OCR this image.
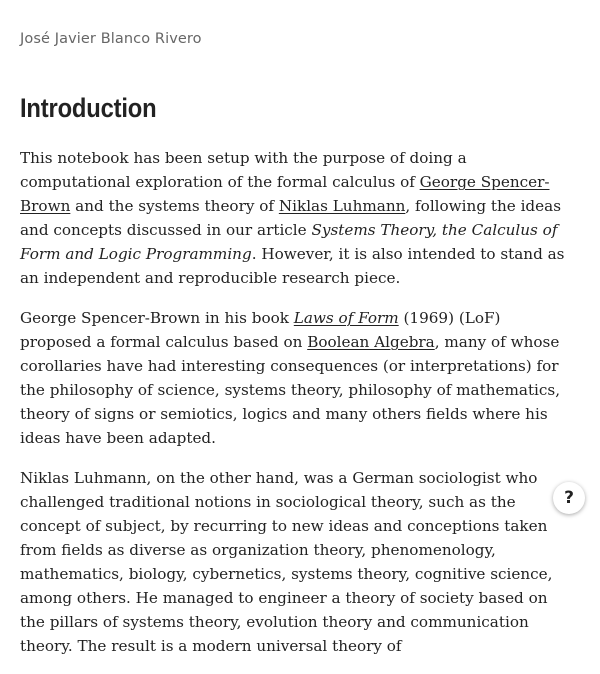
José Javier Blanco Rivero
Introduction

This notebook has been setup with the purpose of doing a computational exploration of the formal calculus of George Spencer-Brown and the systems theory of Niklas Luhmann, following the ideas and concepts discussed in our article Systems Theory, the Calculus of Form and Logic Programming. However, it is also intended to stand as an independent and reproducible research piece.

George Spencer-Brown in his book Laws of Form (1969) (LoF) proposed a formal calculus based on Boolean Algebra, many of whose corollaries have had interesting consequences (or interpretations) for the philosophy of science, systems theory, philosophy of mathematics, theory of signs or semiotics, logics and many others fields where his ideas have been adapted.

Niklas Luhmann, on the other hand, was a German sociologist who challenged traditional notions in sociological theory, such as the concept of subject, by recurring to new ideas and conceptions taken from fields as diverse as organization theory, phenomenology, mathematics, biology, cybernetics, systems theory, cognitive science, among others. He managed to engineer a theory of society based on the pillars of systems theory, evolution theory and communication theory. The result is a modern universal theory of

?
